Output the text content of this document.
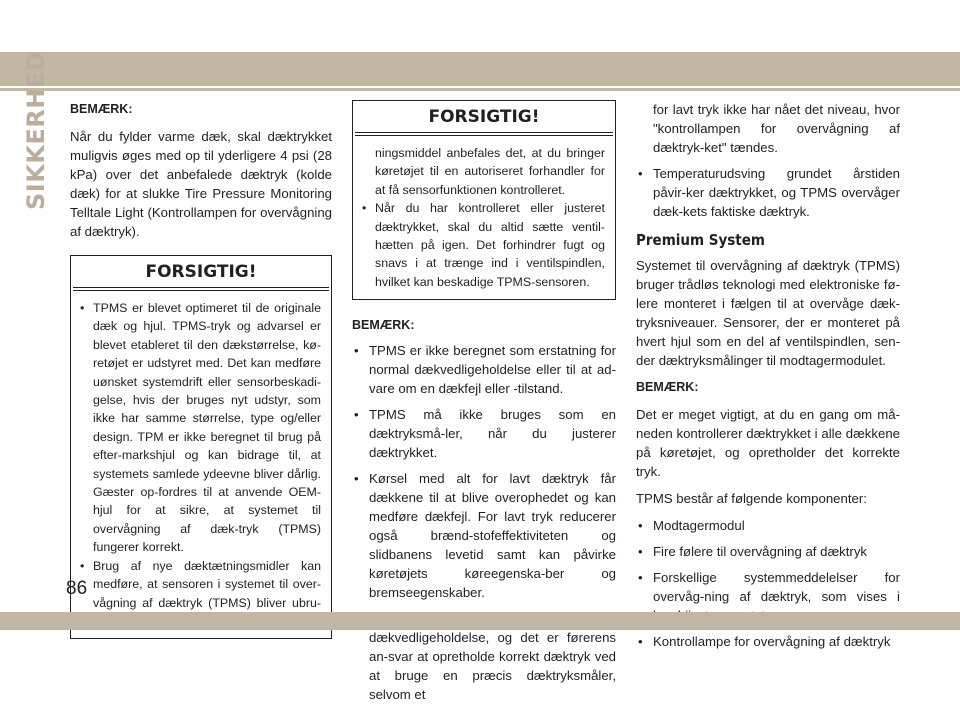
SIKKERHED BEMÆRK:

Når du fylder varme dæk, skal dæktrykket muligvis øges med op til yderligere 4 psi (28 kPa) over det anbefalede dæktryk (kolde dæk) for at slukke Tire Pressure Monitoring Telltale Light (Kontrollampen for overvågning af dæktryk).

FORSIGTIG!
• TPMS er blevet optimeret til de originale dæk og hjul. TPMS-tryk og advarsel er blevet etableret til den dækstørrelse, kø-retøjet er udstyret med. Det kan medføre uønsket systemdrift eller sensorbeskadi-gelse, hvis der bruges nyt udstyr, som ikke har samme størrelse, type og/eller design. TPM er ikke beregnet til brug på efter-markshjul og kan bidrage til, at systemets samlede ydeevne bliver dårlig. Gæster op-fordres til at anvende OEM-hjul for at sikre, at systemet til overvågning af dæk-tryk (TPMS) fungerer korrekt.
• Brug af nye dæktætningsmidler kan medføre, at sensoren i systemet til over-vågning af dæktryk (TPMS) bliver ubru-
FORSIGTIG!
ningsmiddel anbefales det, at du bringer køretøjet til en autoriseret forhandler for at få sensorfunktionen kontrolleret.
• Når du har kontrolleret eller justeret dæktrykket, skal du altid sætte ventil-hætten på igen. Det forhindrer fugt og snavs i at trænge ind i ventilspindlen, hvilket kan beskadige TPMS-sensoren.

BEMÆRK:

• TPMS er ikke beregnet som erstatning for normal dækvedligeholdelse eller til at ad-vare om en dækfejl eller -tilstand.
• TPMS må ikke bruges som en dæktryksmå-ler, når du justerer dæktrykket.
• Kørsel med alt for lavt dæktryk får dækkene til at blive overophedet og kan medføre dækfejl. For lavt tryk reducerer også brænd-stofeffektiviteten og slidbanens levetid samt kan påvirke køretøjets køreegenska-ber og bremseegenskaber.
• dækvedligeholdelse, og det er førerens an-svar at opretholde korrekt dæktryk ved at bruge en præcis dæktryksmåler, selvom et
for lavt tryk ikke har nået det niveau, hvor "kontrollampen for overvågning af dæktryk-ket" tændes.
• Temperaturudsving grundet årstiden påvir-ker dæktrykket, og TPMS overvåger dæk-kets faktiske dæktryk.
Premium System

Systemet til overvågning af dæktryk (TPMS) bruger trådløs teknologi med elektroniske fø-lere monteret i fælgen til at overvåge dæk-tryksniveauer. Sensorer, der er monteret på hvert hjul som en del af ventilspindlen, sen-der dæktryksmålinger til modtagermodulet.

BEMÆRK:

Det er meget vigtigt, at du en gang om må-neden kontrollerer dæktrykket i alle dækkene på køretøjet, og opretholder det korrekte tryk.

TPMS består af følgende komponenter:

• Modtagermodul
• Fire følere til overvågning af dæktryk
• Forskellige systemmeddelelser for overvåg-ning af dæktryk, som vises i
• Kontrollampe for overvågning af dæktryk
86
